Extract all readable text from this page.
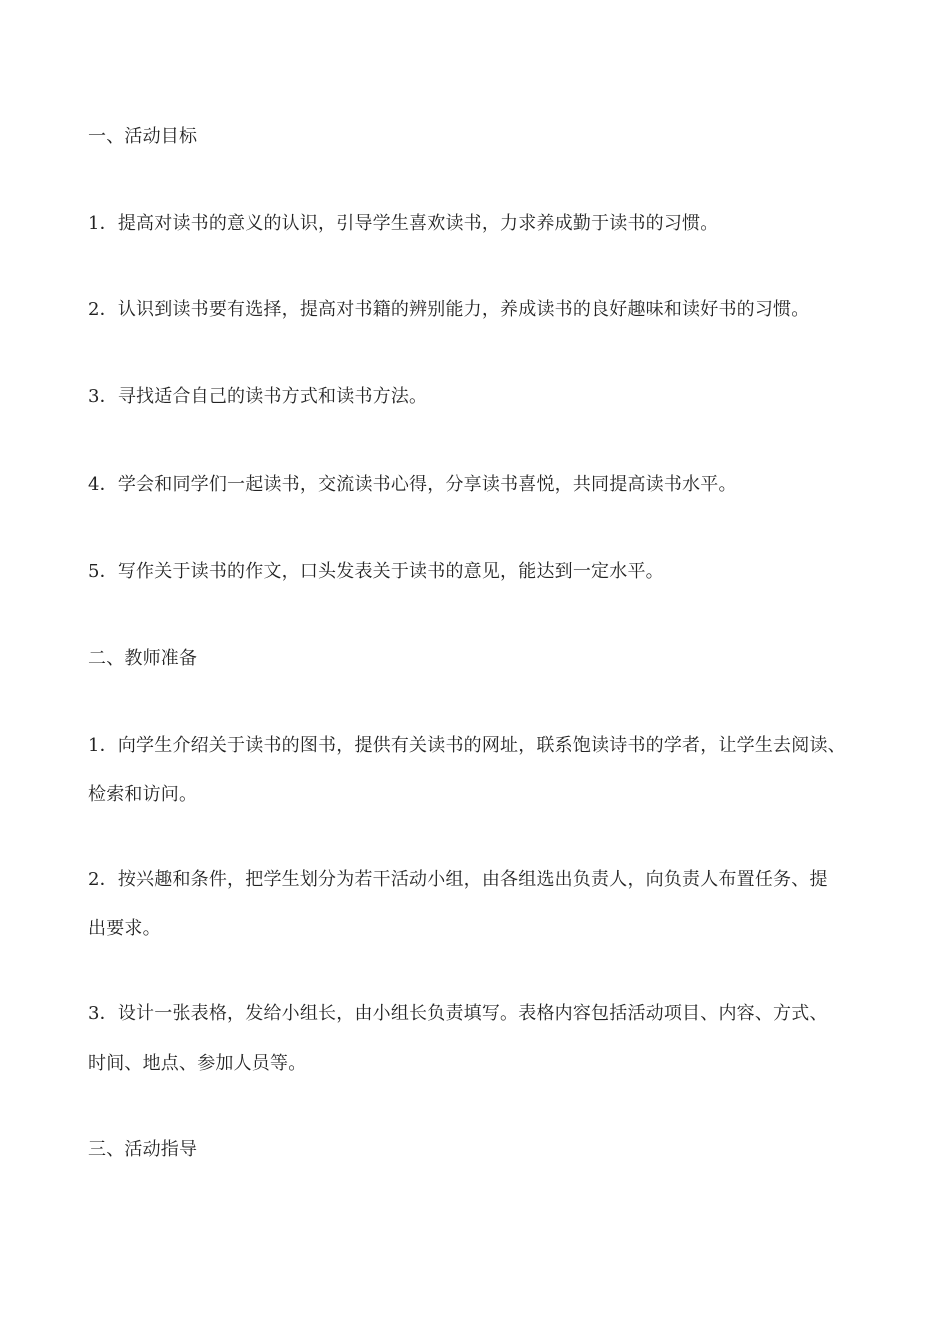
一、活动目标
1．提高对读书的意义的认识，引导学生喜欢读书，力求养成勤于读书的习惯。
2．认识到读书要有选择，提高对书籍的辨别能力，养成读书的良好趣味和读好书的习惯。
3．寻找适合自己的读书方式和读书方法。
4．学会和同学们一起读书，交流读书心得，分享读书喜悦，共同提高读书水平。
5．写作关于读书的作文，口头发表关于读书的意见，能达到一定水平。
二、教师准备
1．向学生介绍关于读书的图书，提供有关读书的网址，联系饱读诗书的学者，让学生去阅读、
检索和访问。
2．按兴趣和条件，把学生划分为若干活动小组，由各组选出负责人，向负责人布置任务、提
出要求。
3．设计一张表格，发给小组长，由小组长负责填写。表格内容包括活动项目、内容、方式、
时间、地点、参加人员等。
三、活动指导
